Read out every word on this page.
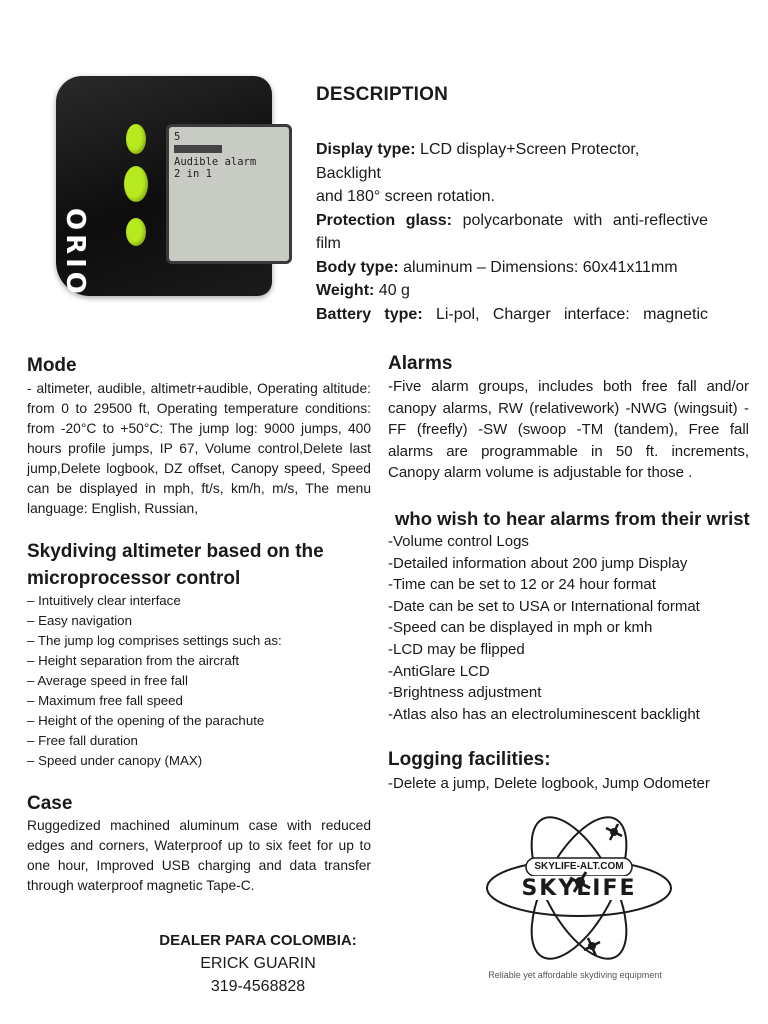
ORION
5
Audible alarm
2 in 1
DESCRIPTION
Display type: LCD display+Screen Protector, Backlight
and 180° screen rotation.
Protection glass: polycarbonate with anti-reflective
film
Body type: aluminum – Dimensions: 60x41x11mm
Weight: 40 g
Battery type: Li-pol, Charger interface: magnetic
Mode
- altimeter, audible, altimetr+audible, Operating altitude: from 0 to 29500 ft, Operating temperature conditions: from -20°C to +50°C: The jump log: 9000 jumps, 400 hours profile jumps, IP 67, Volume control,Delete last jump,Delete logbook, DZ offset, Canopy speed, Speed can be displayed in mph, ft/s, km/h, m/s, The menu language: English, Russian,
Skydiving altimeter based on the
microprocessor control
– Intuitively clear interface
– Easy navigation
– The jump log comprises settings such as:
– Height separation from the aircraft
– Average speed in free fall
– Maximum free fall speed
– Height of the opening of the parachute
– Free fall duration
– Speed under canopy (MAX)
Case
Ruggedized machined aluminum case with reduced edges and corners, Waterproof up to six feet for up to one hour, Improved USB charging and data transfer through waterproof magnetic Tape-C.
DEALER PARA COLOMBIA:
ERICK GUARIN
319-4568828
Alarms
-Five alarm groups, includes both free fall and/or canopy alarms, RW (relativework) -NWG (wingsuit) - FF (freefly) -SW (swoop -TM (tandem), Free fall alarms are programmable in 50 ft. increments, Canopy alarm volume is adjustable for those .
who wish to hear alarms from their wrist
-Volume control Logs
-Detailed information about 200 jump Display
-Time can be set to 12 or 24 hour format
-Date can be set to USA or International format
-Speed can be displayed in mph or kmh
-LCD may be flipped
-AntiGlare LCD
-Brightness adjustment
-Atlas also has an electroluminescent backlight
Logging facilities:
-Delete a jump, Delete logbook, Jump Odometer
SKYLIFE-ALT.COM
SKYLIFE
Reliable yet affordable skydiving equipment
